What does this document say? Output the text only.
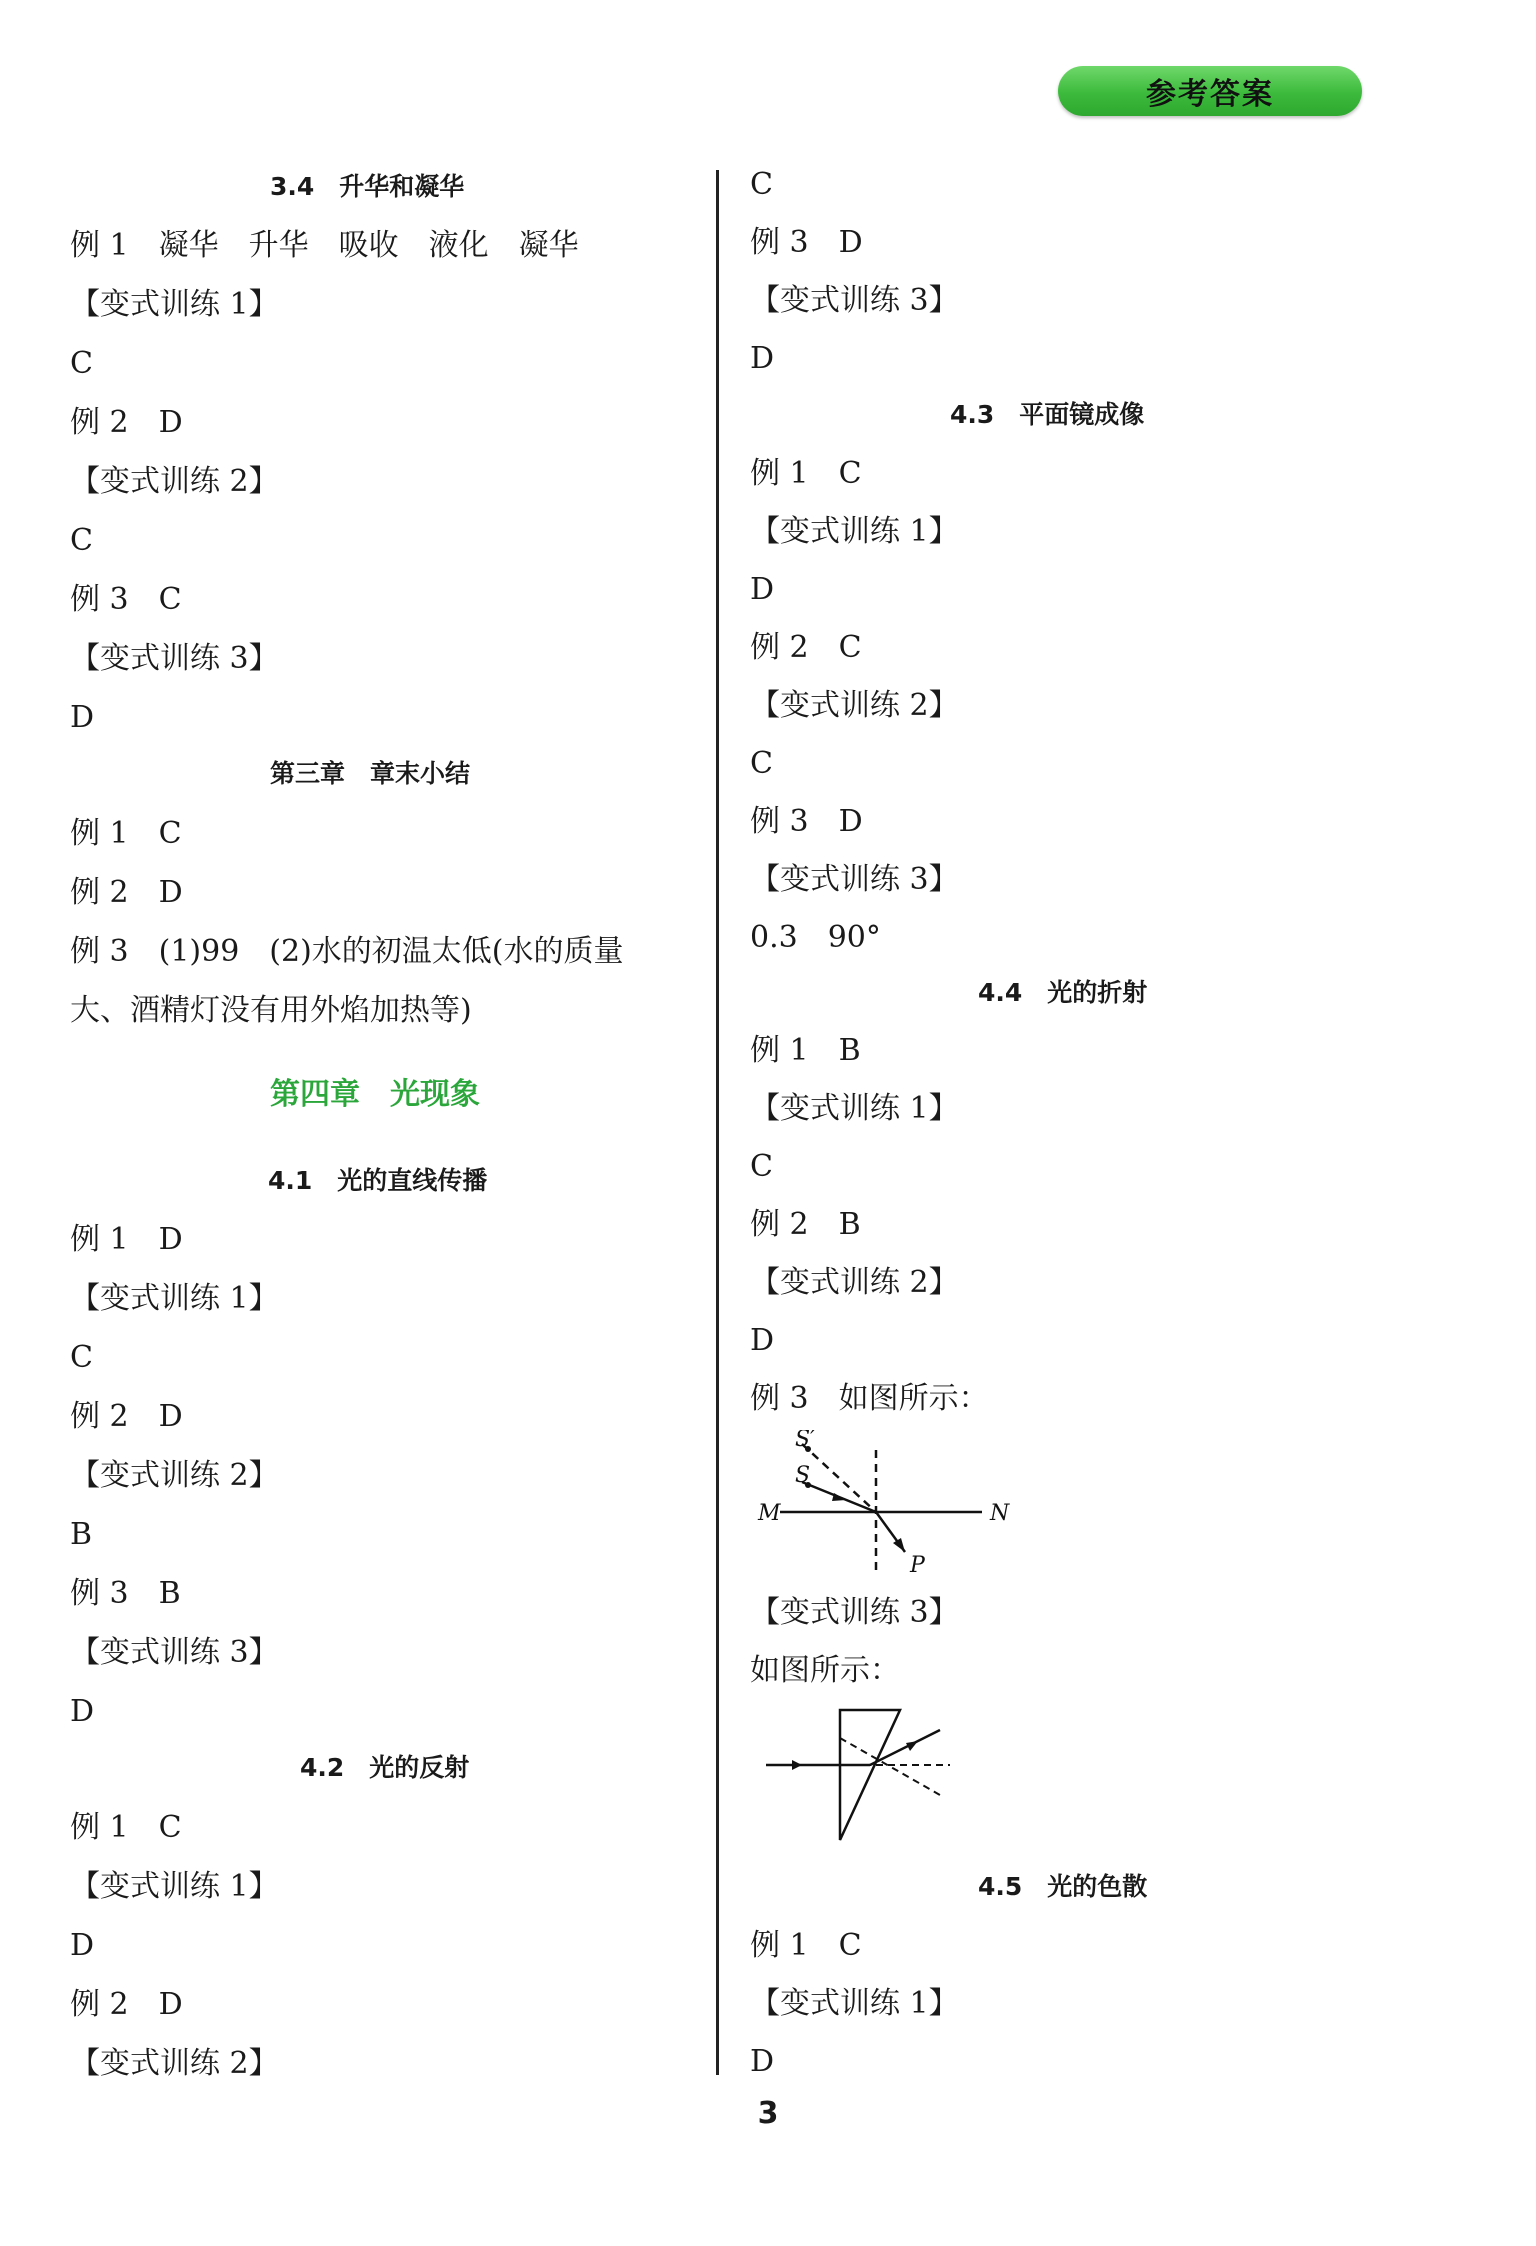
参考答案
3.4　升华和凝华
例 1　凝华　升华　吸收　液化　凝华
【变式训练 1】
C
例 2　D
【变式训练 2】
C
例 3　C
【变式训练 3】
D
第三章　章末小结
例 1　C
例 2　D
例 3　(1)99　(2)水的初温太低(水的质量
大、酒精灯没有用外焰加热等)
第四章　光现象
4.1　光的直线传播
例 1　D
【变式训练 1】
C
例 2　D
【变式训练 2】
B
例 3　B
【变式训练 3】
D
4.2　光的反射
例 1　C
【变式训练 1】
D
例 2　D
【变式训练 2】
C
例 3　D
【变式训练 3】
D
4.3　平面镜成像
例 1　C
【变式训练 1】
D
例 2　C
【变式训练 2】
C
例 3　D
【变式训练 3】
0.3　90°
4.4　光的折射
例 1　B
【变式训练 1】
C
例 2　B
【变式训练 2】
D
例 3　如图所示：
S′
S
M	N
P
【变式训练 3】
如图所示：
4.5　光的色散
例 1　C
【变式训练 1】
D
3
